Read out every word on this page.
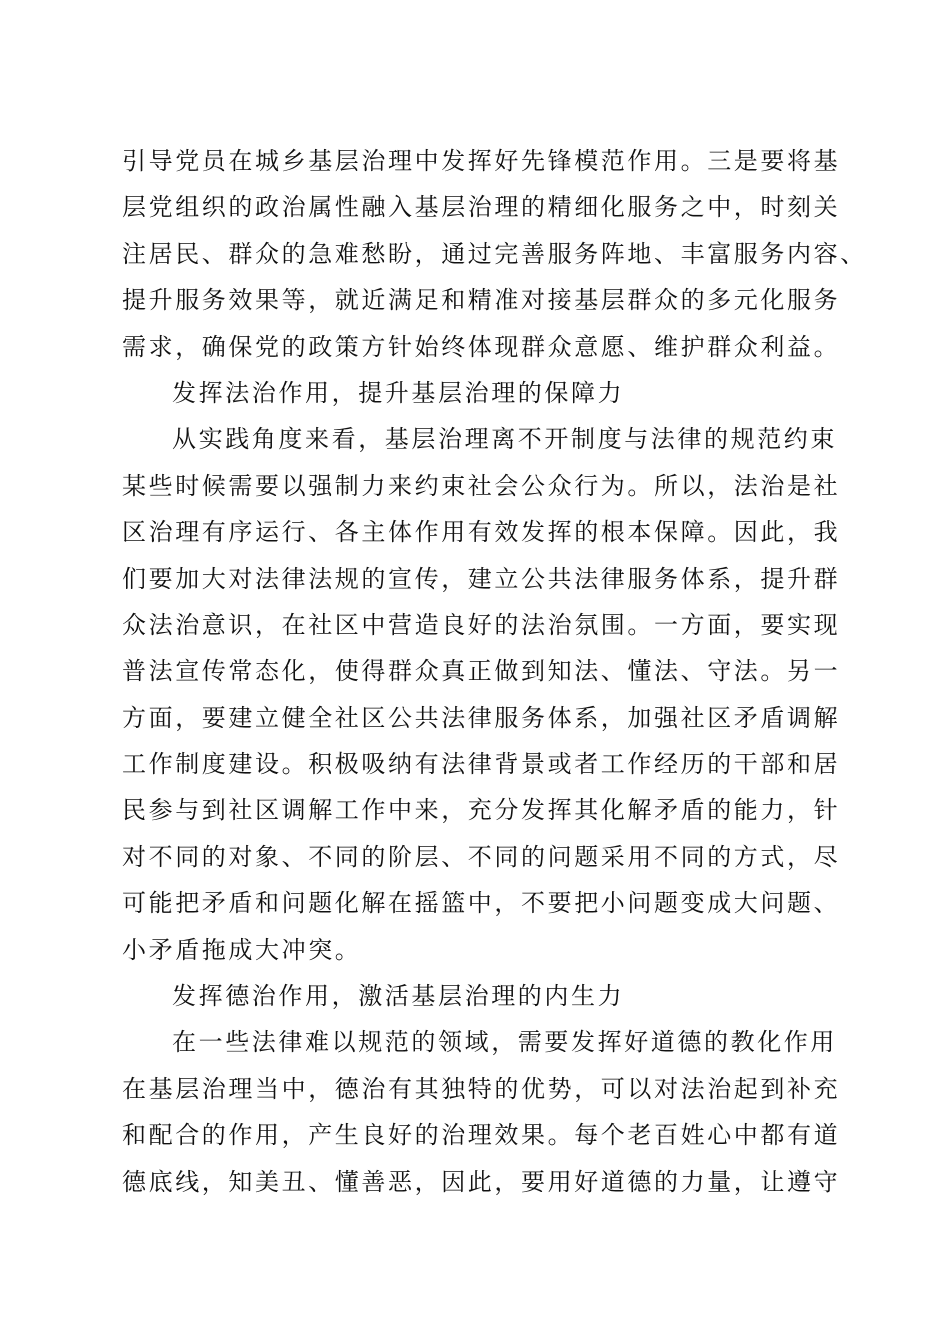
引导党员在城乡基层治理中发挥好先锋模范作用。三是要将基
层党组织的政治属性融入基层治理的精细化服务之中，时刻关
注居民、群众的急难愁盼，通过完善服务阵地、丰富服务内容、
提升服务效果等，就近满足和精准对接基层群众的多元化服务
需求，确保党的政策方针始终体现群众意愿、维护群众利益。
发挥法治作用，提升基层治理的保障力
从实践角度来看，基层治理离不开制度与法律的规范约束
某些时候需要以强制力来约束社会公众行为。所以，法治是社
区治理有序运行、各主体作用有效发挥的根本保障。因此，我
们要加大对法律法规的宣传，建立公共法律服务体系，提升群
众法治意识，在社区中营造良好的法治氛围。一方面，要实现
普法宣传常态化，使得群众真正做到知法、懂法、守法。另一
方面，要建立健全社区公共法律服务体系，加强社区矛盾调解
工作制度建设。积极吸纳有法律背景或者工作经历的干部和居
民参与到社区调解工作中来，充分发挥其化解矛盾的能力，针
对不同的对象、不同的阶层、不同的问题采用不同的方式，尽
可能把矛盾和问题化解在摇篮中，不要把小问题变成大问题、
小矛盾拖成大冲突。
发挥德治作用，激活基层治理的内生力
在一些法律难以规范的领域，需要发挥好道德的教化作用
在基层治理当中，德治有其独特的优势，可以对法治起到补充
和配合的作用，产生良好的治理效果。每个老百姓心中都有道
德底线，知美丑、懂善恶，因此，要用好道德的力量，让遵守
